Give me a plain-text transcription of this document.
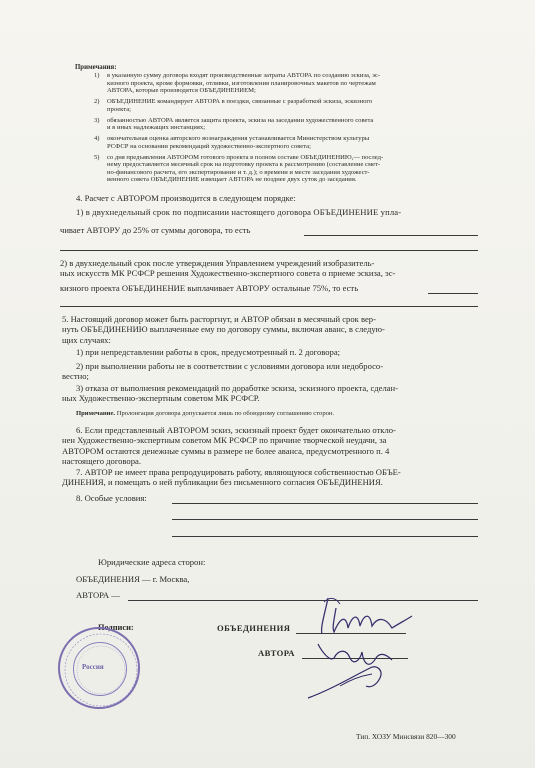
Примечания:
1) в указанную сумму договора входят производственные затраты АВТОРА по созданию эскиза, эс-
кизного проекта, кроме формовки, отливки, изготовления планировочных макетов по чертежам
АВТОРА, которые производятся ОБЪЕДИНЕНИЕМ;
2) ОБЪЕДИНЕНИЕ командирует АВТОРА в поездки, связанные с разработкой эскиза, эскизного
проекта;
3) обязанностью АВТОРА является защита проекта, эскиза на заседании художественного совета
и в иных надлежащих инстанциях;
4) окончательная оценка авторского вознаграждения устанавливается Министерством культуры
РСФСР на основании рекомендаций художественно-экспертного совета;
5) со дня предъявления АВТОРОМ готового проекта в полном составе ОБЪЕДИНЕНИЮ,— послед-
нему предоставляется месячный срок на подготовку проекта к рассмотрению (составление смет-
но-финансового расчета, его экспертирование и т. д.); о времени и месте заседания художест-
венного совета ОБЪЕДИНЕНИЕ извещает АВТОРА не позднее двух суток до заседания.
4. Расчет с АВТОРОМ производится в следующем порядке:
1) в двухнедельный срок по подписании настоящего договора ОБЪЕДИНЕНИЕ упла-
чивает АВТОРУ до 25% от суммы договора, то есть
2) в двухнедельный срок после утверждения Управлением учреждений изобразитель-
ных искусств МК РСФСР решения Художественно-экспертного совета о приеме эскиза, эс-
кизного проекта ОБЪЕДИНЕНИЕ выплачивает АВТОРУ остальные 75%, то есть
5. Настоящий договор может быть расторгнут, и АВТОР обязан в месячный срок вер-
нуть ОБЪЕДИНЕНИЮ выплаченные ему по договору суммы, включая аванс, в следую-
щих случаях:
1) при непредставлении работы в срок, предусмотренный п. 2 договора;
2) при выполнении работы не в соответствии с условиями договора или недобросо-
вестно;
3) отказа от выполнения рекомендаций по доработке эскиза, эскизного проекта, сделан-
ных Художественно-экспертным советом МК РСФСР.
Примечание. Пролонгация договора допускается лишь по обоюдному соглашению сторон.
6. Если представленный АВТОРОМ эскиз, эскизный проект будет окончательно откло-
нен Художественно-экспертным советом МК РСФСР по причине творческой неудачи, за
АВТОРОМ остаются денежные суммы в размере не более аванса, предусмотренного п. 4
настоящего договора.
7. АВТОР не имеет права репродуцировать работу, являющуюся собственностью ОБЪЕ-
ДИНЕНИЯ, и помещать о ней публикации без письменного согласия ОБЪЕДИНЕНИЯ.
8. Особые условия:
Юридические адреса сторон:
ОБЪЕДИНЕНИЯ — г. Москва,
АВТОРА —
Подписи:	ОБЪЕДИНЕНИЯ
АВТОРА
Россия
Тип. ХОЗУ Минсвязи 820—300
